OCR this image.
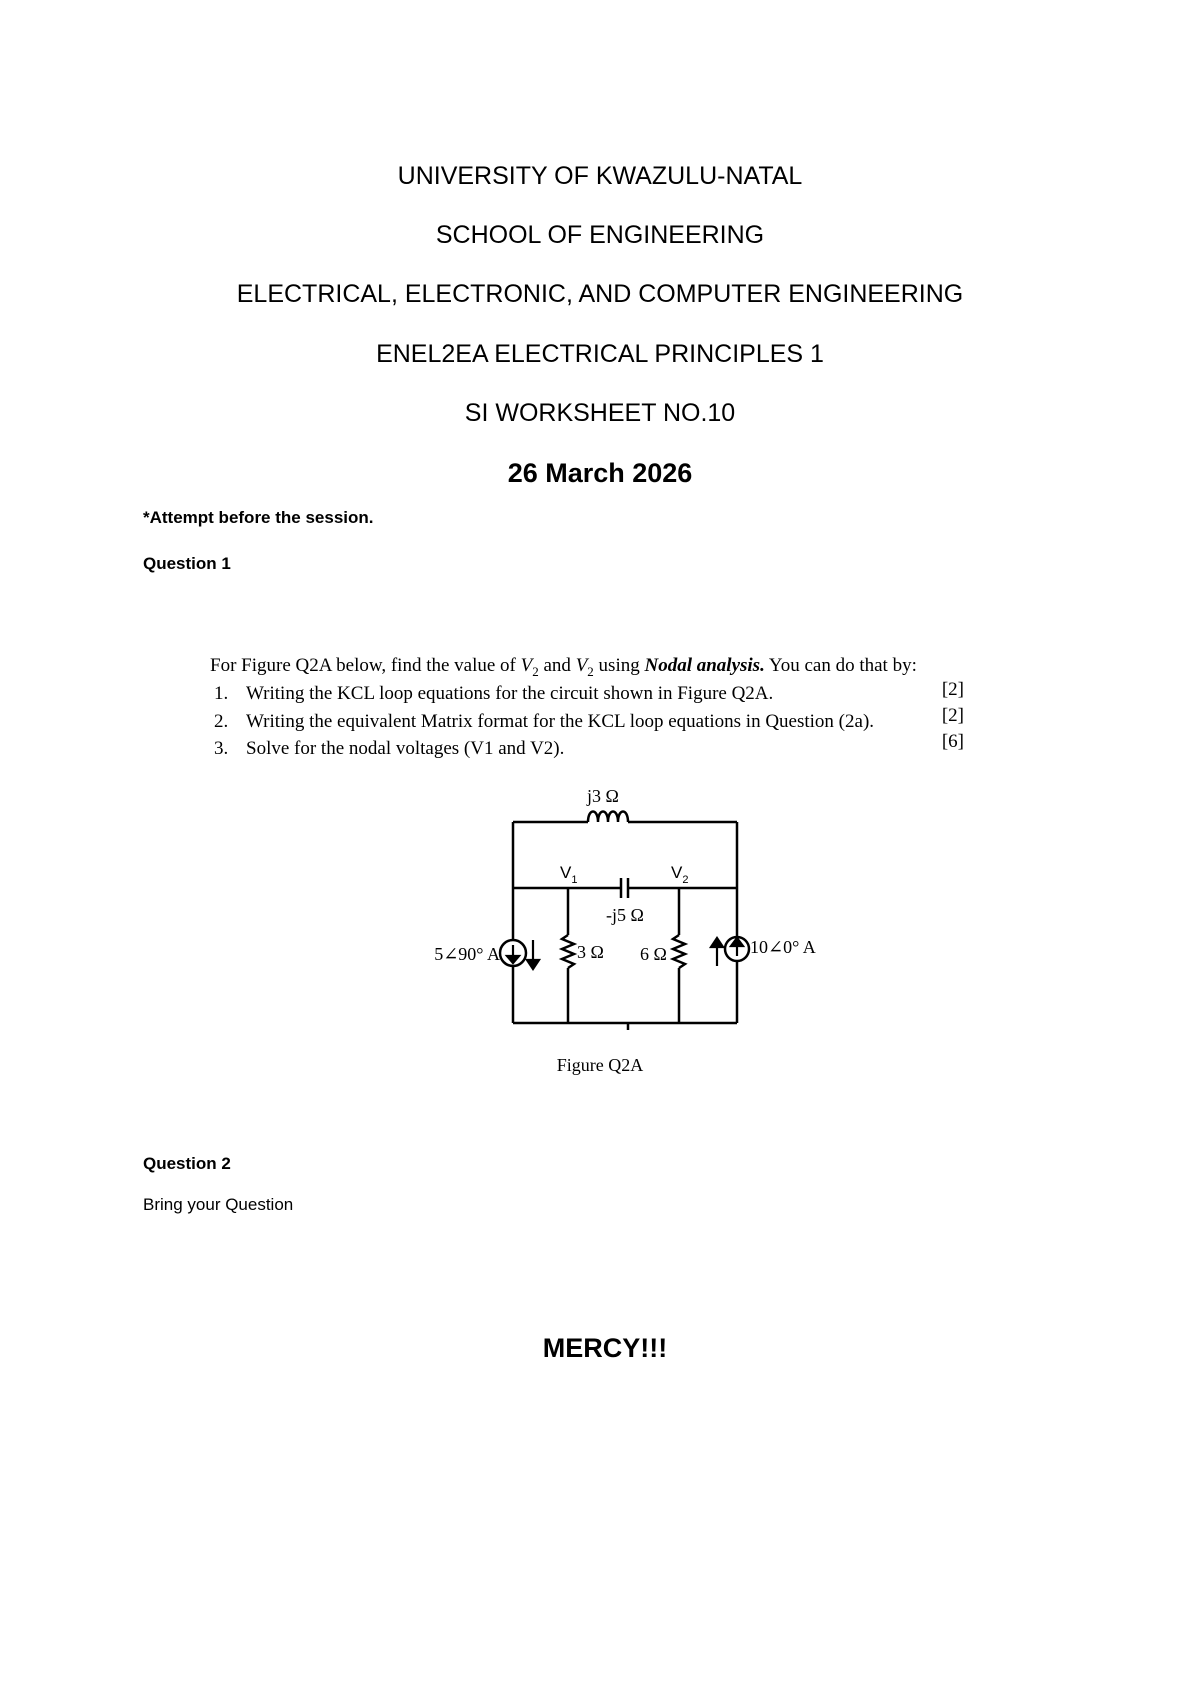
UNIVERSITY OF KWAZULU-NATAL
SCHOOL OF ENGINEERING
ELECTRICAL, ELECTRONIC, AND COMPUTER ENGINEERING
ENEL2EA ELECTRICAL PRINCIPLES 1
SI WORKSHEET NO.10
26 March 2026
*Attempt before the session.
Question 1
For Figure Q2A below, find the value of $V_2$ and $V_2$ using Nodal analysis. You can do that by:
1. Writing the KCL loop equations for the circuit shown in Figure Q2A.	[2]
2. Writing the equivalent Matrix format for the KCL loop equations in Question (2a).	[2]
3. Solve for the nodal voltages (V1 and V2).	[6]
j3 Ω
$V_1$	$V_2$
-j5 Ω
3 Ω 6 Ω
5∠90° A	10∠0° A
Figure Q2A
Question 2
Bring your Question
MERCY!!!
